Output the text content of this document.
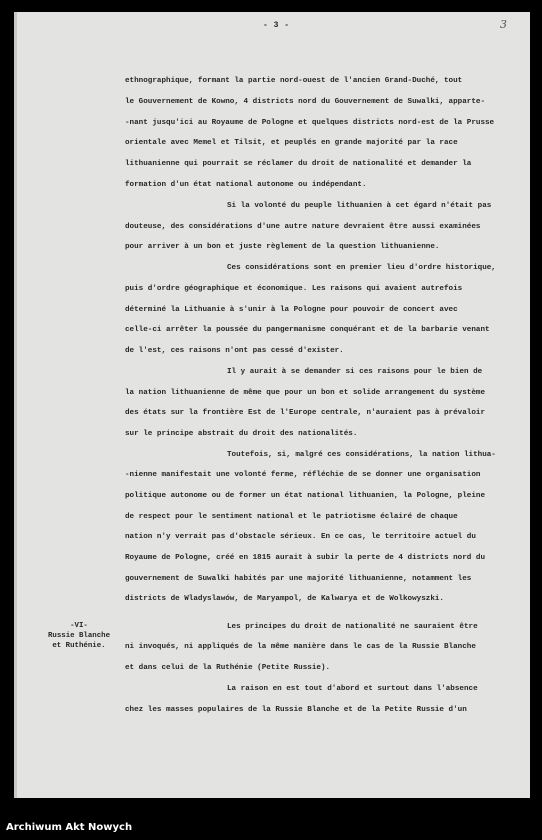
- 3 -	3
ethnographique, formant la partie nord-ouest de l'ancien Grand-Duché, tout
le Gouvernement de Kowno, 4 districts nord du Gouvernement de Suwalki, apparte-
-nant jusqu'ici au Royaume de Pologne et quelques districts nord-est de la Prusse
orientale avec Memel et Tilsit, et peuplés en grande majorité par la race
lithuanienne qui pourrait se réclamer du droit de nationalité et demander la
formation d'un état national autonome ou indépendant.
Si la volonté du peuple lithuanien à cet égard n'était pas
douteuse, des considérations d'une autre nature devraient être aussi examinées
pour arriver à un bon et juste règlement de la question lithuanienne.
Ces considérations sont en premier lieu d'ordre historique,
puis d'ordre géographique et économique. Les raisons qui avaient autrefois
déterminé la Lithuanie à s'unir à la Pologne pour pouvoir de concert avec
celle-ci arrêter la poussée du pangermanisme conquérant et de la barbarie venant
de l'est, ces raisons n'ont pas cessé d'exister.
Il y aurait à se demander si ces raisons pour le bien de
la nation lithuanienne de même que pour un bon et solide arrangement du système
des états sur la frontière Est de l'Europe centrale, n'auraient pas à prévaloir
sur le principe abstrait du droit des nationalités.
Toutefois, si, malgré ces considérations, la nation lithua-
-nienne manifestait une volonté ferme, réfléchie de se donner une organisation
politique autonome ou de former un état national lithuanien, la Pologne, pleine
de respect pour le sentiment national et le patriotisme éclairé de chaque
nation n'y verrait pas d'obstacle sérieux. En ce cas, le territoire actuel du
Royaume de Pologne, créé en 1815 aurait à subir la perte de 4 districts nord du
gouvernement de Suwalki habités par une majorité lithuanienne, notamment les
districts de Wladyslawów, de Maryampol, de Kalwarya et de Wolkowyszki.
Les principes du droit de nationalité ne sauraient être
ni invoqués, ni appliqués de la même manière dans le cas de la Russie Blanche
et dans celui de la Ruthénie (Petite Russie).
La raison en est tout d'abord et surtout dans l'absence
chez les masses populaires de la Russie Blanche et de la Petite Russie d'un
-VI-
Russie Blanche
et Ruthénie.
Archiwum Akt Nowych
